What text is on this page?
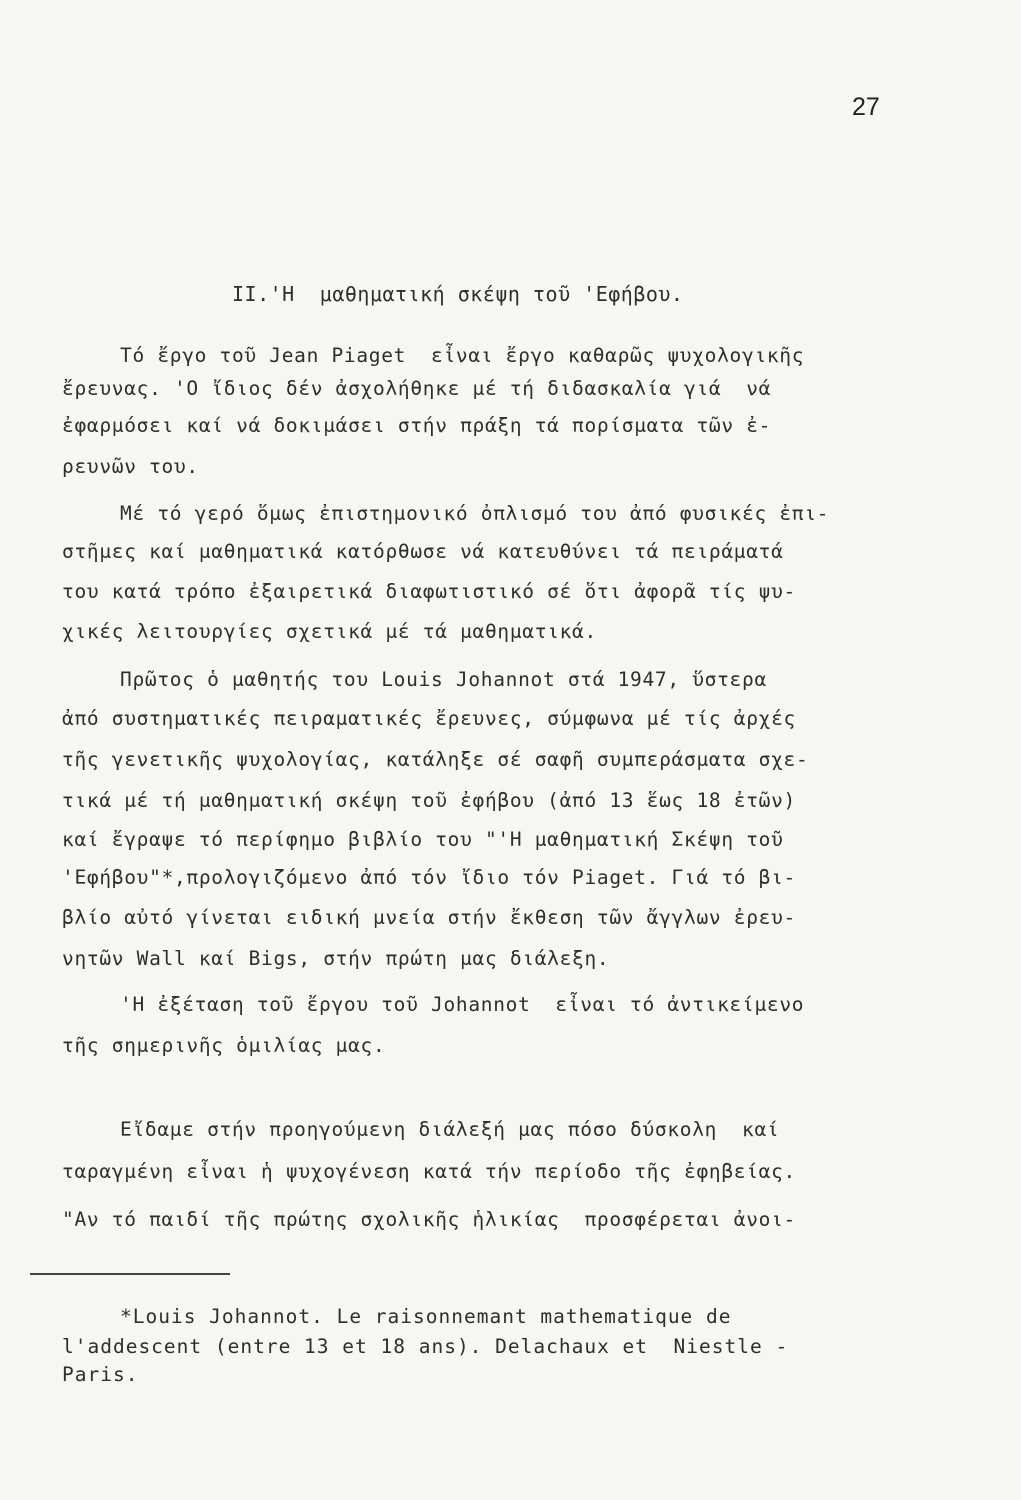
27
II.'Η  μαθηματική σκέψη τοῦ 'Εφήβου.
Τό ἔργο τοῦ Jean Piaget  εἶναι ἔργο καθαρῶς ψυχολογικῆς
ἔρευνας. 'Ο ἴδιος δέν ἀσχολήθηκε μέ τή διδασκαλία γιά  νά
ἐφαρμόσει καί νά δοκιμάσει στήν πράξη τά πορίσματα τῶν ἐ-
ρευνῶν του.
Μέ τό γερό ὅμως ἐπιστημονικό ὀπλισμό του ἀπό φυσικές ἐπι-
στῆμες καί μαθηματικά κατόρθωσε νά κατευθύνει τά πειράματά
του κατά τρόπο ἐξαιρετικά διαφωτιστικό σέ ὅτι ἀφορᾶ τίς ψυ-
χικές λειτουργίες σχετικά μέ τά μαθηματικά.
Πρῶτος ὁ μαθητής του Louis Johannot στά 1947, ὕστερα
ἀπό συστηματικές πειραματικές ἔρευνες, σύμφωνα μέ τίς ἀρχές
τῆς γενετικῆς ψυχολογίας, κατάληξε σέ σαφῆ συμπεράσματα σχε-
τικά μέ τή μαθηματική σκέψη τοῦ ἐφήβου (ἀπό 13 ἕως 18 ἐτῶν)
καί ἔγραψε τό περίφημο βιβλίο του "'Η μαθηματική Σκέψη τοῦ
'Εφήβου"*,προλογιζόμενο ἀπό τόν ἴδιο τόν Piaget. Γιά τό βι-
βλίο αὐτό γίνεται ειδική μνεία στήν ἔκθεση τῶν ἄγγλων ἐρευ-
νητῶν Wall καί Bigs, στήν πρώτη μας διάλεξη.
'Η ἐξέταση τοῦ ἔργου τοῦ Johannot  εἶναι τό ἀντικείμενο
τῆς σημερινῆς ὁμιλίας μας.
Εἴδαμε στήν προηγούμενη διάλεξή μας πόσο δύσκολη  καί
ταραγμένη εἶναι ἡ ψυχογένεση κατά τήν περίοδο τῆς ἐφηβείας.
"Αν τό παιδί τῆς πρώτης σχολικῆς ἡλικίας  προσφέρεται ἀνοι-
*Louis Johannot. Le raisonnemant mathematique de
l'addescent (entre 13 et 18 ans). Delachaux et  Niestle -
Paris.
